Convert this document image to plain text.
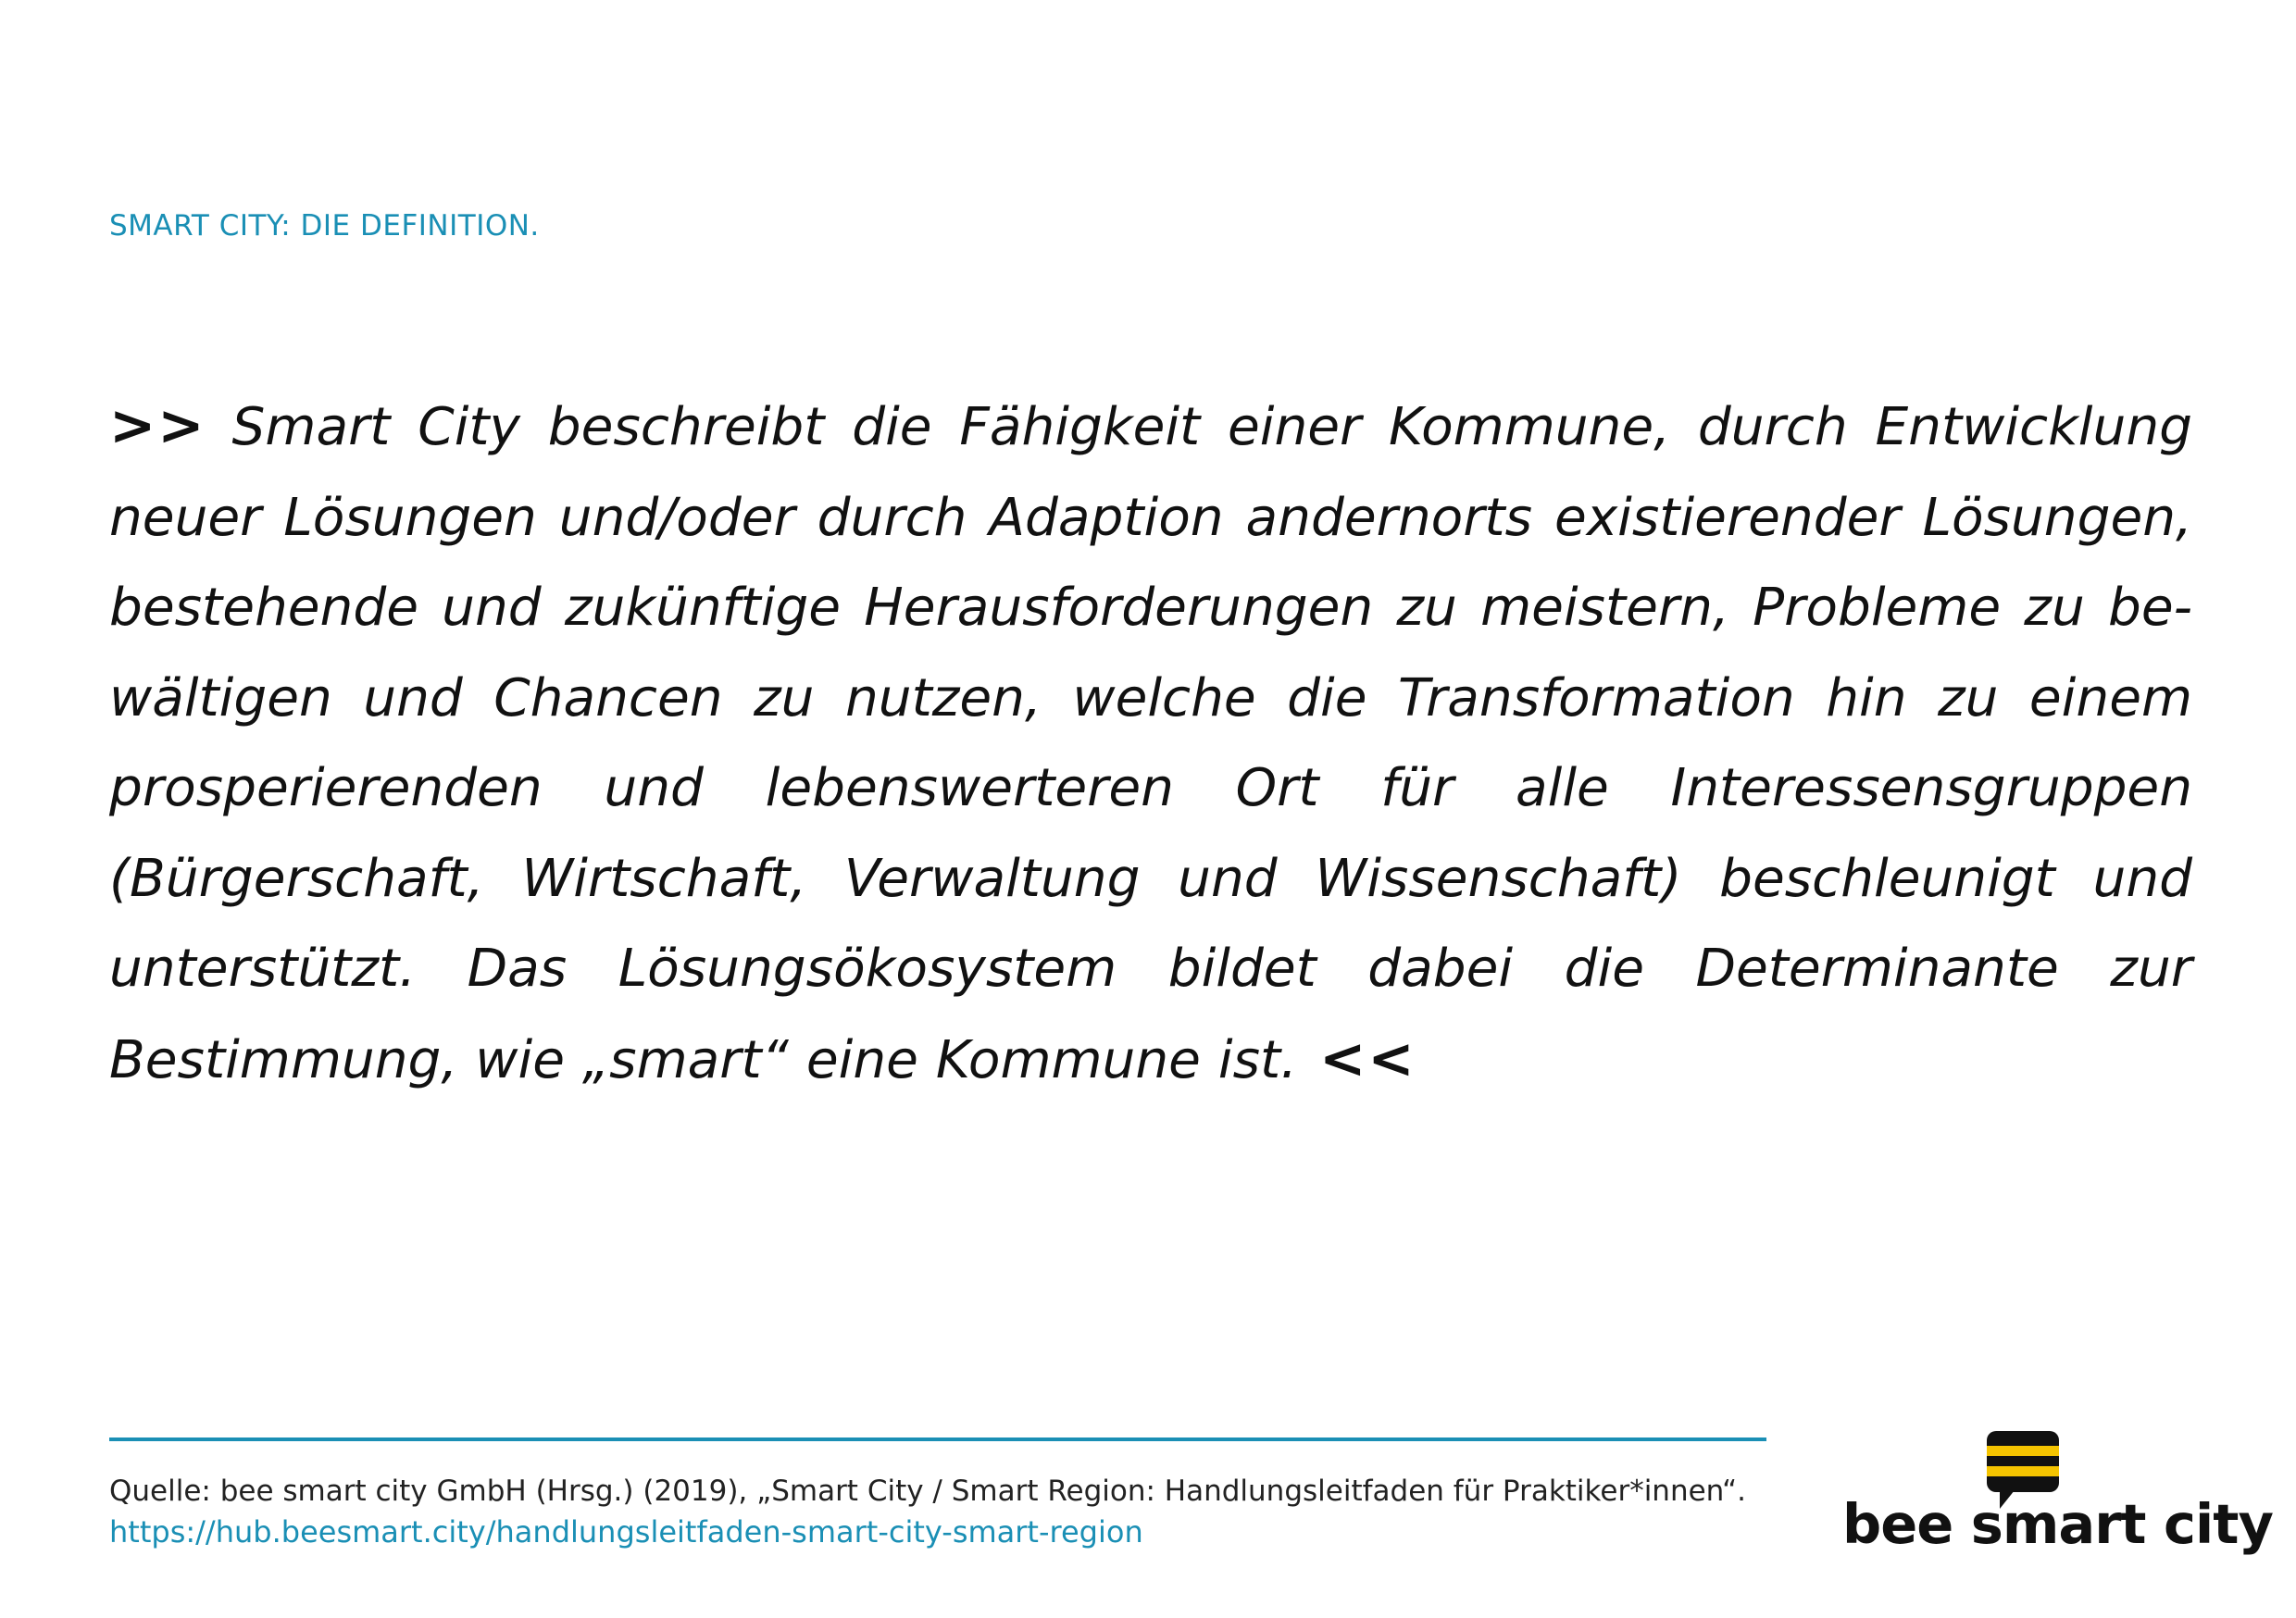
SMART CITY: DIE DEFINITION.

>> Smart City beschreibt die Fähigkeit einer Kommune, durch Entwicklung neuer Lösungen und/oder durch Adaption andernorts existierender Lösungen, bestehende und zukünftige Herausforderungen zu meistern, Probleme zu bewältigen und Chancen zu nutzen, welche die Transformation hin zu einem prosperierenden und lebenswerteren Ort für alle Interessensgruppen (Bürgerschaft, Wirtschaft, Verwaltung und Wissenschaft) beschleunigt und unterstützt. Das Lösungsökosystem bildet dabei die Determinante zur Bestimmung, wie „smart“ eine Kommune ist. <<

Quelle: bee smart city GmbH (Hrsg.) (2019), „Smart City / Smart Region: Handlungsleitfaden für Praktiker*innen“.
https://hub.beesmart.city/handlungsleitfaden-smart-city-smart-region	bee smart city
